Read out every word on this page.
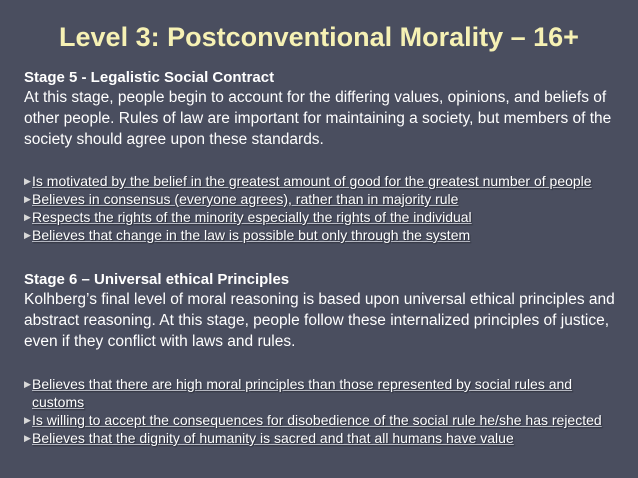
Level 3: Postconventional Morality – 16+
Stage 5 - Legalistic Social Contract
At this stage, people begin to account for the differing values, opinions, and beliefs of other people. Rules of law are important for maintaining a society, but members of the society should agree upon these standards.
▶ Is motivated by the belief in the greatest amount of good for the greatest number of people
▶ Believes in consensus (everyone agrees), rather than in majority rule
▶ Respects the rights of the minority especially the rights of the individual
▶ Believes that change in the law is possible but only through the system
Stage 6 – Universal ethical Principles
Kolhberg’s final level of moral reasoning is based upon universal ethical principles and abstract reasoning. At this stage, people follow these internalized principles of justice, even if they conflict with laws and rules.
▶ Believes that there are high moral principles than those represented by social rules and customs
▶ Is willing to accept the consequences for disobedience of the social rule he/she has rejected
▶ Believes that the dignity of humanity is sacred and that all humans have value
